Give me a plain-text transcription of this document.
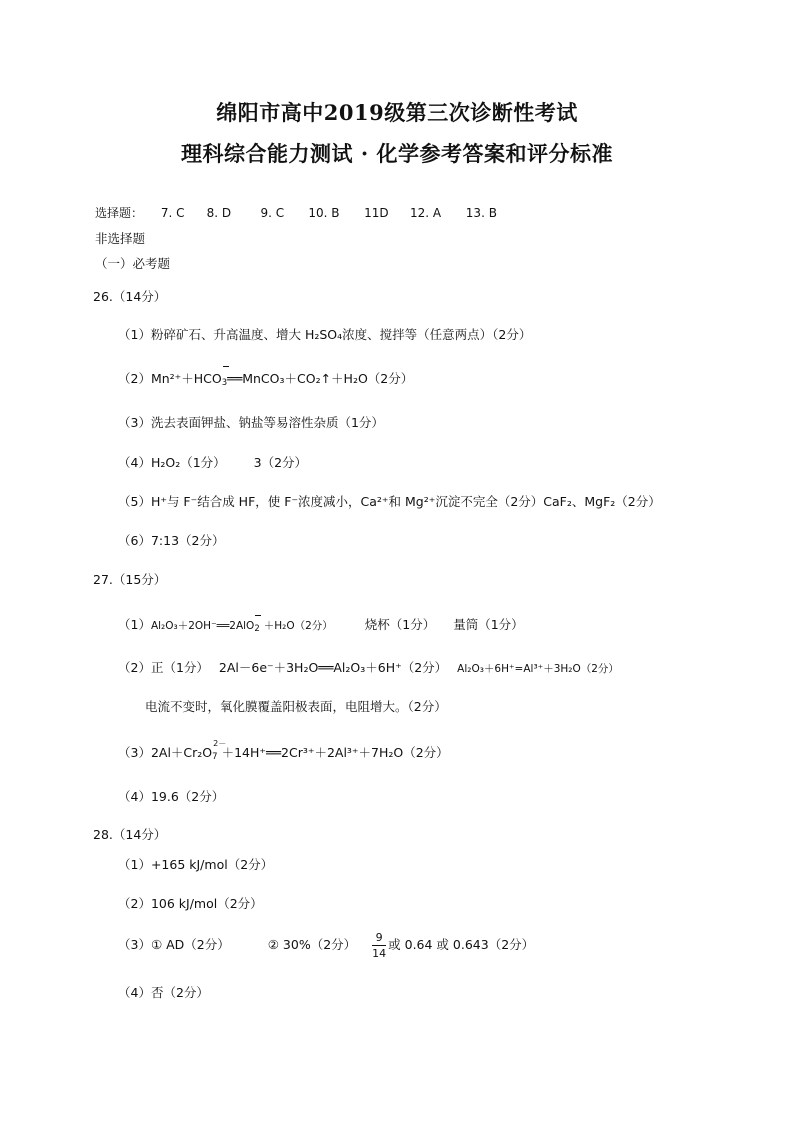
绵阳市高中2019级第三次诊断性考试
理科综合能力测试 · 化学参考答案和评分标准
选择题： 7. C 8. D 9. C 10. B 11D 12. A 13. B
非选择题
（一）必考题
26.（14分）
（1）粉碎矿石、升高温度、增大 H₂SO₄浓度、搅拌等（任意两点）（2分）
（2）Mn²⁺＋HCO
$_3$══MnCO₃＋CO₂↑＋H₂O（2分）
（3）洗去表面钾盐、钠盐等易溶性杂质（1分）
（4）H₂O₂（1分） 3（2分）
（5）H⁺与 F⁻结合成 HF，使 F⁻浓度减小，Ca²⁺和 Mg²⁺沉淀不完全（2分）CaF₂、MgF₂（2分）
（6）7:13（2分）
27.（15分）
（1）Al₂O₃＋2OH⁻══2AlO
$_2$ ＋H₂O（2分）	烧杯（1分） 量筒（1分）
（2）正（1分） 2Al－6e⁻＋3H₂O══Al₂O₃＋6H⁺（2分） Al₂O₃＋6H⁺=Al³⁺＋3H₂O（2分）
电流不变时，氧化膜覆盖阳极表面，电阻增大。（2分）
（3）2Al＋Cr₂O
2－
$_7$ ＋14H⁺══2Cr³⁺＋2Al³⁺＋7H₂O（2分）
（4）19.6（2分）
28.（14分）
（1）+165 kJ/mol（2分）
（2）106 kJ/mol（2分）
（3）① AD（2分）	② 30%（2分） $\frac{9}{14}$ 或 0.64 或 0.643（2分）
（4）否（2分）
